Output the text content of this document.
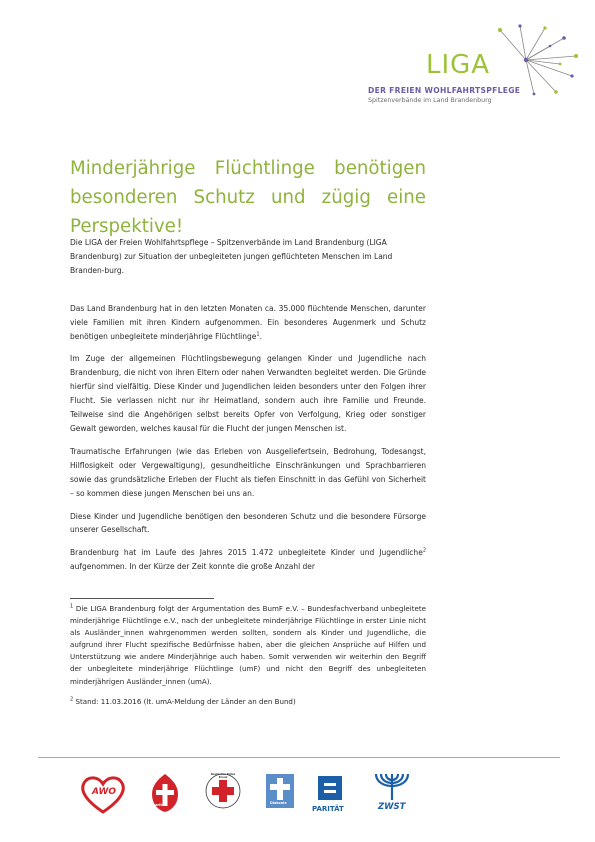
LIGA
DER FREIEN WOHLFAHRTSPFLEGE
Spitzenverbände im Land Brandenburg
Minderjährige Flüchtlinge benötigen besonderen Schutz und zügig eine Perspektive!

Die LIGA der Freien Wohlfahrtspflege – Spitzenverbände im Land Brandenburg (LIGA Brandenburg) zur Situation der unbegleiteten jungen geflüchteten Menschen im Land Branden-burg.

Das Land Brandenburg hat in den letzten Monaten ca. 35.000 flüchtende Menschen, darunter viele Familien mit ihren Kindern aufgenommen. Ein besonderes Augenmerk und Schutz benötigen unbegleitete minderjährige Flüchtlinge$^1$.

Im Zuge der allgemeinen Flüchtlingsbewegung gelangen Kinder und Jugendliche nach Brandenburg, die nicht von ihren Eltern oder nahen Verwandten begleitet werden. Die Gründe hierfür sind vielfältig. Diese Kinder und Jugendlichen leiden besonders unter den Folgen ihrer Flucht. Sie verlassen nicht nur ihr Heimatland, sondern auch ihre Familie und Freunde. Teilweise sind die Angehörigen selbst bereits Opfer von Verfolgung, Krieg oder sonstiger Gewalt geworden, welches kausal für die Flucht der jungen Menschen ist.

Traumatische Erfahrungen (wie das Erleben von Ausgeliefertsein, Bedrohung, Todesangst, Hilflosigkeit oder Vergewaltigung), gesundheitliche Einschränkungen und Sprachbarrieren sowie das grundsätzliche Erleben der Flucht als tiefen Einschnitt in das Gefühl von Sicherheit – so kommen diese jungen Menschen bei uns an.

Diese Kinder und Jugendliche benötigen den besonderen Schutz und die besondere Fürsorge unserer Gesellschaft.

Brandenburg hat im Laufe des Jahres 2015 1.472 unbegleitete Kinder und Jugendliche$^2$ aufgenommen. In der Kürze der Zeit konnte die große Anzahl der

$^1$ Die LIGA Brandenburg folgt der Argumentation des BumF e.V. – Bundesfachverband unbegleitete minderjährige Flüchtlinge e.V., nach der unbegleitete minderjährige Flüchtlinge in erster Linie nicht als Ausländer_innen wahrgenommen werden sollten, sondern als Kinder und Jugendliche, die aufgrund ihrer Flucht spezifische Bedürfnisse haben, aber die gleichen Ansprüche auf Hilfen und Unterstützung wie andere Minderjährige auch haben. Somit verwenden wir weiterhin den Begriff der unbegleitete minderjährige Flüchtlinge (umF) und nicht den Begriff des unbegleiteten minderjährigen Ausländer_innen (umA).

$^2$ Stand: 11.03.2016 (lt. umA-Meldung der Länder an den Bund)

AWO
caritas
Deutsches Rotes Kreuz
Diakonie
PARITÄT	ZWST
